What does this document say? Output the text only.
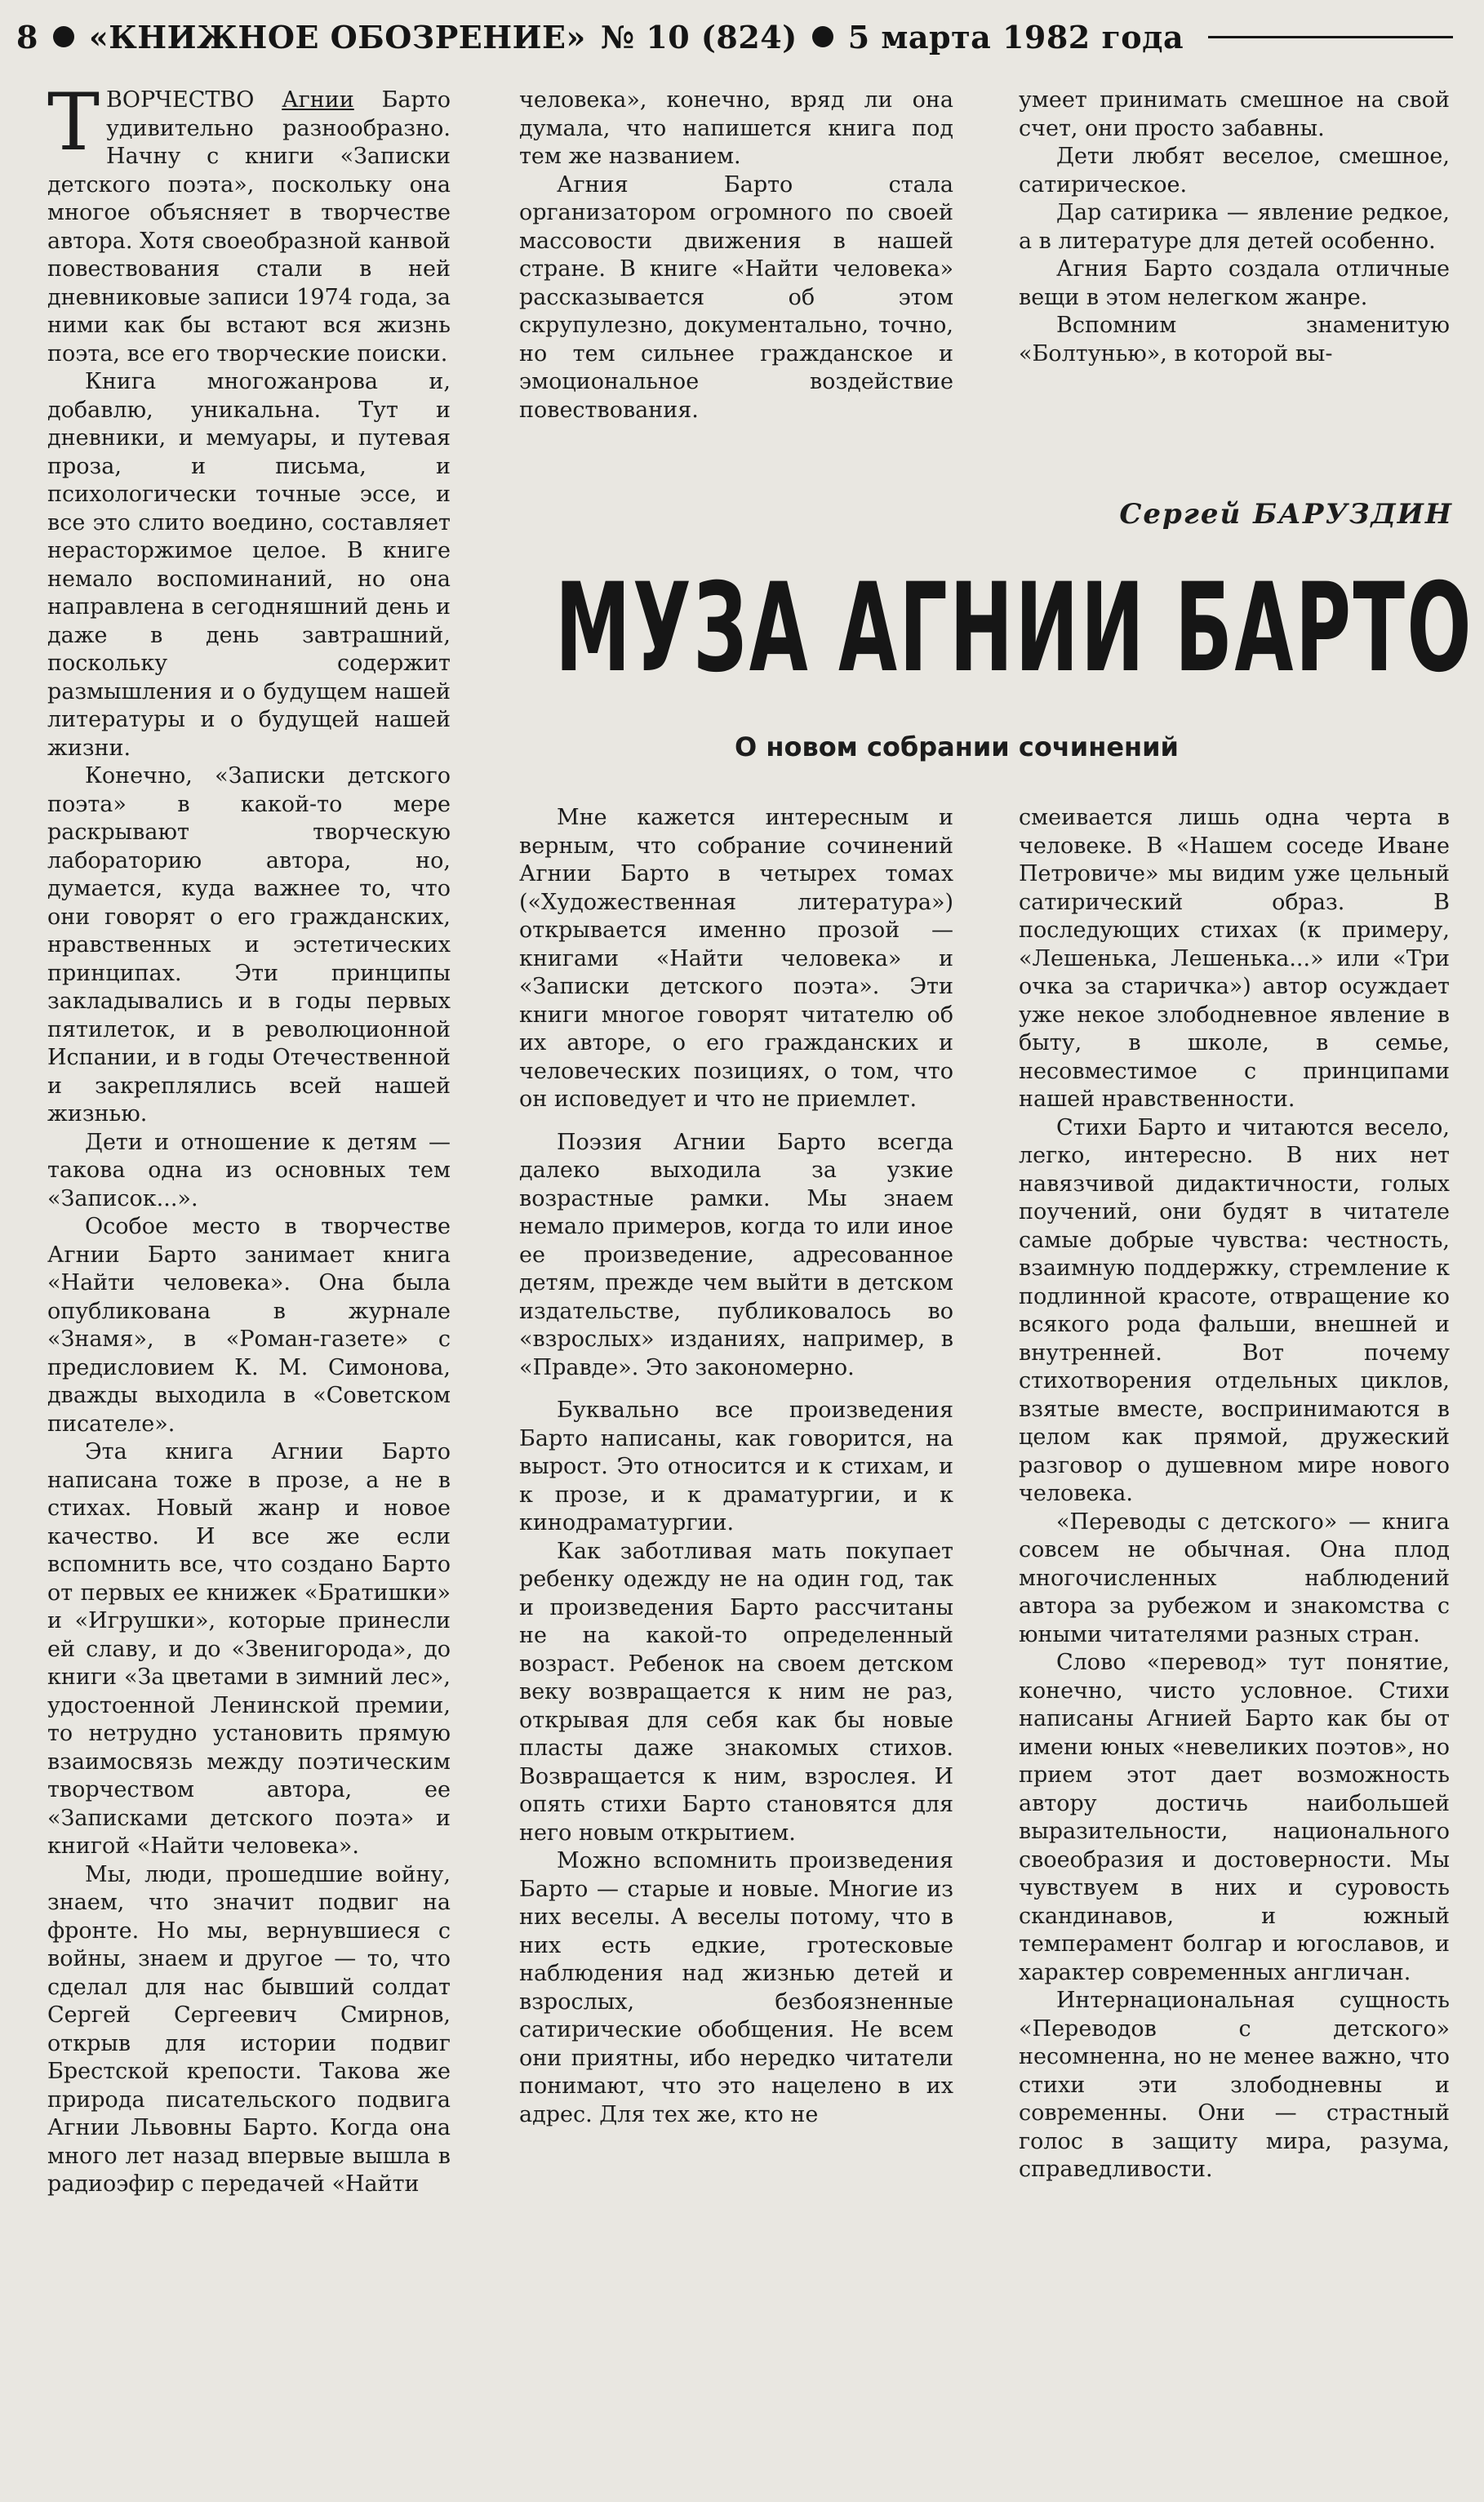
8 «КНИЖНОЕ ОБОЗРЕНИЕ» № 10 (824) 5 марта 1982 года

ТВОРЧЕСТВО Агнии Барто удивительно разнообразно. Начну с книги «Записки детского поэта», поскольку она многое объясняет в творчестве автора. Хотя своеобразной канвой повествования стали в ней дневниковые записи 1974 года, за ними как бы встают вся жизнь поэта, все его творческие поиски.

Книга многожанрова и, добавлю, уникальна. Тут и дневники, и мемуары, и путевая проза, и письма, и психологически точные эссе, и все это слито воедино, составляет нерасторжимое целое. В книге немало воспоминаний, но она направлена в сегодняшний день и даже в день завтрашний, поскольку содержит размышления и о будущем нашей литературы и о будущей нашей жизни.

Конечно, «Записки детского поэта» в какой-то мере раскрывают творческую лабораторию автора, но, думается, куда важнее то, что они говорят о его гражданских, нравственных и эстетических принципах. Эти принципы закладывались и в годы первых пятилеток, и в революционной Испании, и в годы Отечественной и закреплялись всей нашей жизнью.

Дети и отношение к детям — такова одна из основных тем «Записок...».

Особое место в творчестве Агнии Барто занимает книга «Найти человека». Она была опубликована в журнале «Знамя», в «Роман-газете» с предисловием К. М. Симонова, дважды выходила в «Советском писателе».

Эта книга Агнии Барто написана тоже в прозе, а не в стихах. Новый жанр и новое качество. И все же если вспомнить все, что создано Барто от первых ее книжек «Братишки» и «Игрушки», которые принесли ей славу, и до «Звенигорода», до книги «За цветами в зимний лес», удостоенной Ленинской премии, то нетрудно установить прямую взаимосвязь между поэтическим творчеством автора, ее «Записками детского поэта» и книгой «Найти человека».

Мы, люди, прошедшие войну, знаем, что значит подвиг на фронте. Но мы, вернувшиеся с войны, знаем и другое — то, что сделал для нас бывший солдат Сергей Сергеевич Смирнов, открыв для истории подвиг Брестской крепости. Такова же природа писательского подвига Агнии Львовны Барто. Когда она много лет назад впервые вышла в радиоэфир с передачей «Найти

человека», конечно, вряд ли она думала, что напишется книга под тем же названием.

Агния Барто стала организатором огромного по своей массовости движения в нашей стране. В книге «Найти человека» рассказывается об этом скрупулезно, документально, точно, но тем сильнее гражданское и эмоциональное воздействие повествования.

умеет принимать смешное на свой счет, они просто забавны.

Дети любят веселое, смешное, сатирическое.

Дар сатирика — явление редкое, а в литературе для детей особенно.

Агния Барто создала отличные вещи в этом нелегком жанре.

Вспомним знаменитую «Болтунью», в которой вы-

Сергей БАРУЗДИН
МУЗА АГНИИ БАРТО
О новом собрании сочинений

Мне кажется интересным и верным, что собрание сочинений Агнии Барто в четырех томах («Художественная литература») открывается именно прозой — книгами «Найти человека» и «Записки детского поэта». Эти книги многое говорят читателю об их авторе, о его гражданских и человеческих позициях, о том, что он исповедует и что не приемлет.

Поэзия Агнии Барто всегда далеко выходила за узкие возрастные рамки. Мы знаем немало примеров, когда то или иное ее произведение, адресованное детям, прежде чем выйти в детском издательстве, публиковалось во «взрослых» изданиях, например, в «Правде». Это закономерно.

Буквально все произведения Барто написаны, как говорится, на вырост. Это относится и к стихам, и к прозе, и к драматургии, и к кинодраматургии.

Как заботливая мать покупает ребенку одежду не на один год, так и произведения Барто рассчитаны не на какой-то определенный возраст. Ребенок на своем детском веку возвращается к ним не раз, открывая для себя как бы новые пласты даже знакомых стихов. Возвращается к ним, взрослея. И опять стихи Барто становятся для него новым открытием.

Можно вспомнить произведения Барто — старые и новые. Многие из них веселы. А веселы потому, что в них есть едкие, гротесковые наблюдения над жизнью детей и взрослых, безбоязненные сатирические обобщения. Не всем они приятны, ибо нередко читатели понимают, что это нацелено в их адрес. Для тех же, кто не

смеивается лишь одна черта в человеке. В «Нашем соседе Иване Петровиче» мы видим уже цельный сатирический образ. В последующих стихах (к примеру, «Лешенька, Лешенька...» или «Три очка за старичка») автор осуждает уже некое злободневное явление в быту, в школе, в семье, несовместимое с принципами нашей нравственности.

Стихи Барто и читаются весело, легко, интересно. В них нет навязчивой дидактичности, голых поучений, они будят в читателе самые добрые чувства: честность, взаимную поддержку, стремление к подлинной красоте, отвращение ко всякого рода фальши, внешней и внутренней. Вот почему стихотворения отдельных циклов, взятые вместе, воспринимаются в целом как прямой, дружеский разговор о душевном мире нового человека.

«Переводы с детского» — книга совсем не обычная. Она плод многочисленных наблюдений автора за рубежом и знакомства с юными читателями разных стран.

Слово «перевод» тут понятие, конечно, чисто условное. Стихи написаны Агнией Барто как бы от имени юных «невеликих поэтов», но прием этот дает возможность автору достичь наибольшей выразительности, национального своеобразия и достоверности. Мы чувствуем в них и суровость скандинавов, и южный темперамент болгар и югославов, и характер современных англичан.

Интернациональная сущность «Переводов с детского» несомненна, но не менее важно, что стихи эти злободневны и современны. Они — страстный голос в защиту мира, разума, справедливости.
